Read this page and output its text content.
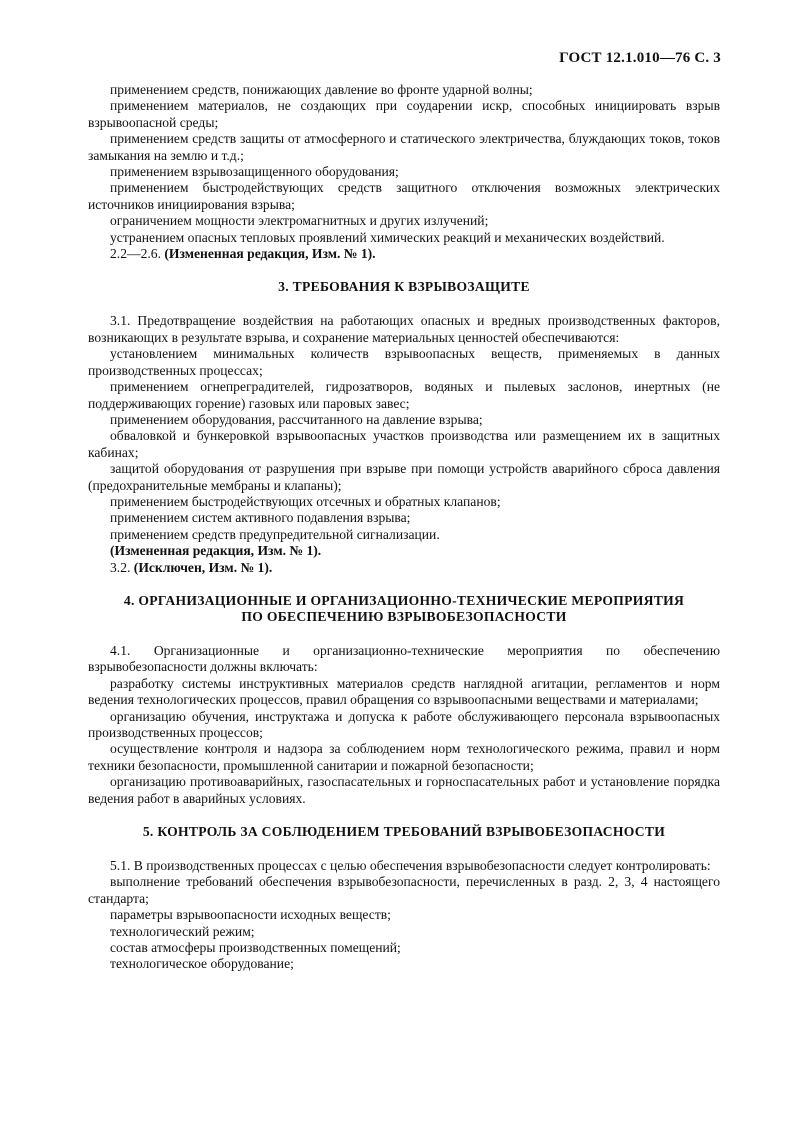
ГОСТ 12.1.010—76 С. 3

применением средств, понижающих давление во фронте ударной волны;

применением материалов, не создающих при соударении искр, способных инициировать взрыв взрывоопасной среды;

применением средств защиты от атмосферного и статического электричества, блуждающих токов, токов замыкания на землю и т.д.;

применением взрывозащищенного оборудования;

применением быстродействующих средств защитного отключения возможных электрических источников инициирования взрыва;

ограничением мощности электромагнитных и других излучений;

устранением опасных тепловых проявлений химических реакций и механических воздействий.

2.2—2.6. (Измененная редакция, Изм. № 1).

3. ТРЕБОВАНИЯ К ВЗРЫВОЗАЩИТЕ

3.1. Предотвращение воздействия на работающих опасных и вредных производственных факторов, возникающих в результате взрыва, и сохранение материальных ценностей обеспечиваются:

установлением минимальных количеств взрывоопасных веществ, применяемых в данных производственных процессах;

применением огнепреградителей, гидрозатворов, водяных и пылевых заслонов, инертных (не поддерживающих горение) газовых или паровых завес;

применением оборудования, рассчитанного на давление взрыва;

обваловкой и бункеровкой взрывоопасных участков производства или размещением их в защитных кабинах;

защитой оборудования от разрушения при взрыве при помощи устройств аварийного сброса давления (предохранительные мембраны и клапаны);

применением быстродействующих отсечных и обратных клапанов;

применением систем активного подавления взрыва;

применением средств предупредительной сигнализации.

(Измененная редакция, Изм. № 1).

3.2. (Исключен, Изм. № 1).

4. ОРГАНИЗАЦИОННЫЕ И ОРГАНИЗАЦИОННО-ТЕХНИЧЕСКИЕ МЕРОПРИЯТИЯ
ПО ОБЕСПЕЧЕНИЮ ВЗРЫВОБЕЗОПАСНОСТИ

4.1. Организационные и организационно-технические мероприятия по обеспечению взрывобезопасности должны включать:

разработку системы инструктивных материалов средств наглядной агитации, регламентов и норм ведения технологических процессов, правил обращения со взрывоопасными веществами и материалами;

организацию обучения, инструктажа и допуска к работе обслуживающего персонала взрывоопасных производственных процессов;

осуществление контроля и надзора за соблюдением норм технологического режима, правил и норм техники безопасности, промышленной санитарии и пожарной безопасности;

организацию противоаварийных, газоспасательных и горноспасательных работ и установление порядка ведения работ в аварийных условиях.

5. КОНТРОЛЬ ЗА СОБЛЮДЕНИЕМ ТРЕБОВАНИЙ ВЗРЫВОБЕЗОПАСНОСТИ

5.1. В производственных процессах с целью обеспечения взрывобезопасности следует контролировать:

выполнение требований обеспечения взрывобезопасности, перечисленных в разд. 2, 3, 4 настоящего стандарта;

параметры взрывоопасности исходных веществ;

технологический режим;

состав атмосферы производственных помещений;

технологическое оборудование;
